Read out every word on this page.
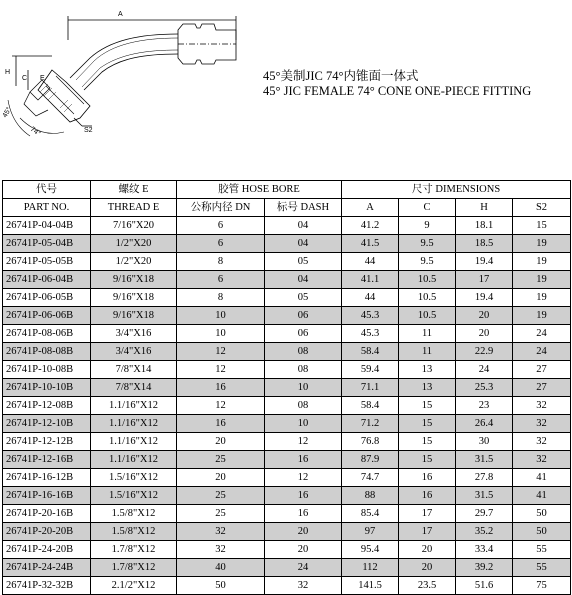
A
H
C E
74°
45°
S2
45°美制JIC 74°内锥面一体式
45° JIC FEMALE 74° CONE ONE-PIECE FITTING
代号	螺纹 E	胶管 HOSE BORE		尺寸 DIMENSIONS			
PART NO.	THREAD E	公称内径 DN	标号 DASH	A	C	H	S2
26741P-04-04B	7/16"X20	6	04	41.2	9	18.1	15
26741P-05-04B	1/2"X20	6	04	41.5	9.5	18.5	19
26741P-05-05B	1/2"X20	8	05	44	9.5	19.4	19
26741P-06-04B	9/16"X18	6	04	41.1	10.5	17	19
26741P-06-05B	9/16"X18	8	05	44	10.5	19.4	19
26741P-06-06B	9/16"X18	10	06	45.3	10.5	20	19
26741P-08-06B	3/4"X16	10	06	45.3	11	20	24
26741P-08-08B	3/4"X16	12	08	58.4	11	22.9	24
26741P-10-08B	7/8"X14	12	08	59.4	13	24	27
26741P-10-10B	7/8"X14	16	10	71.1	13	25.3	27
26741P-12-08B	1.1/16"X12	12	08	58.4	15	23	32
26741P-12-10B	1.1/16"X12	16	10	71.2	15	26.4	32
26741P-12-12B	1.1/16"X12	20	12	76.8	15	30	32
26741P-12-16B	1.1/16"X12	25	16	87.9	15	31.5	32
26741P-16-12B	1.5/16"X12	20	12	74.7	16	27.8	41
26741P-16-16B	1.5/16"X12	25	16	88	16	31.5	41
26741P-20-16B	1.5/8"X12	25	16	85.4	17	29.7	50
26741P-20-20B	1.5/8"X12	32	20	97	17	35.2	50
26741P-24-20B	1.7/8"X12	32	20	95.4	20	33.4	55
26741P-24-24B	1.7/8"X12	40	24	112	20	39.2	55
26741P-32-32B	2.1/2"X12	50	32	141.5	23.5	51.6	75
